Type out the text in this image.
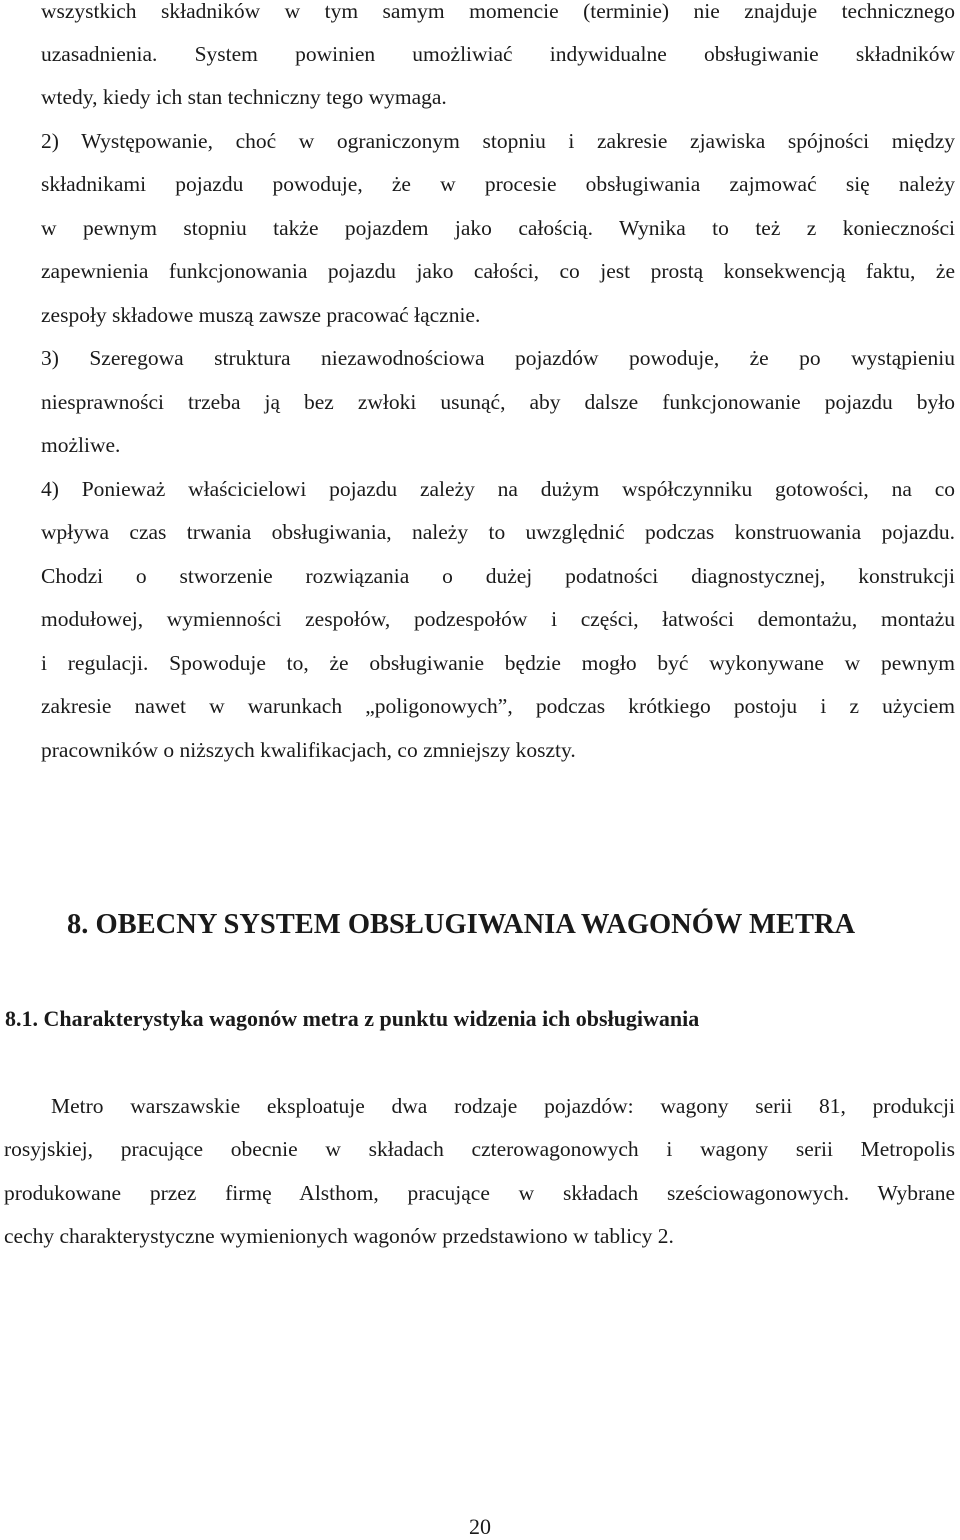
wszystkich składników w tym samym momencie (terminie) nie znajduje technicznego
uzasadnienia. System powinien umożliwiać indywidualne obsługiwanie składników
wtedy, kiedy ich stan techniczny tego wymaga.
2) Występowanie, choć w ograniczonym stopniu i zakresie zjawiska spójności między
składnikami pojazdu powoduje, że w procesie obsługiwania zajmować się należy
w pewnym stopniu także pojazdem jako całością. Wynika to też z konieczności
zapewnienia funkcjonowania pojazdu jako całości, co jest prostą konsekwencją faktu, że
zespoły składowe muszą zawsze pracować łącznie.
3) Szeregowa struktura niezawodnościowa pojazdów powoduje, że po wystąpieniu
niesprawności trzeba ją bez zwłoki usunąć, aby dalsze funkcjonowanie pojazdu było
możliwe.
4) Ponieważ właścicielowi pojazdu zależy na dużym współczynniku gotowości, na co
wpływa czas trwania obsługiwania, należy to uwzględnić podczas konstruowania pojazdu.
Chodzi o stworzenie rozwiązania o dużej podatności diagnostycznej, konstrukcji
modułowej, wymienności zespołów, podzespołów i części, łatwości demontażu, montażu
i regulacji. Spowoduje to, że obsługiwanie będzie mogło być wykonywane w pewnym
zakresie nawet w warunkach „poligonowych”, podczas krótkiego postoju i z użyciem
pracowników o niższych kwalifikacjach, co zmniejszy koszty.
8. OBECNY SYSTEM OBSŁUGIWANIA WAGONÓW METRA
8.1. Charakterystyka wagonów metra z punktu widzenia ich obsługiwania
Metro warszawskie eksploatuje dwa rodzaje pojazdów: wagony serii 81, produkcji
rosyjskiej, pracujące obecnie w składach czterowagonowych i wagony serii Metropolis
produkowane przez firmę Alsthom, pracujące w składach sześciowagonowych. Wybrane
cechy charakterystyczne wymienionych wagonów przedstawiono w tablicy 2.
20
